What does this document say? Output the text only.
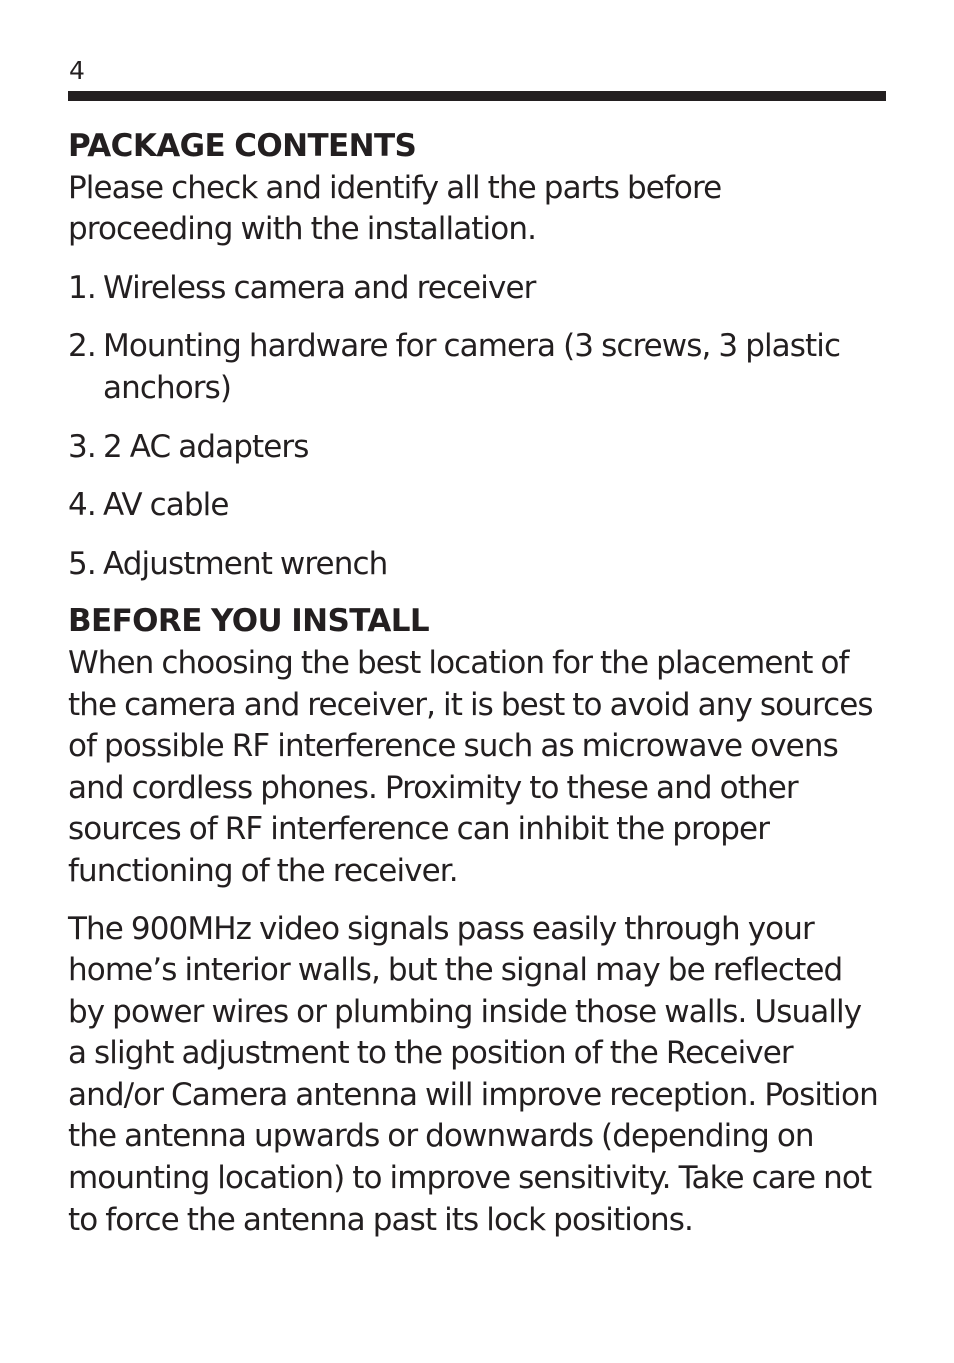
4
PACKAGE CONTENTS

Please check and identify all the parts before proceeding with the installation.

1. Wireless camera and receiver
2. Mounting hardware for camera (3 screws, 3 plastic anchors)
3. 2 AC adapters
4. AV cable
5. Adjustment wrench
BEFORE YOU INSTALL

When choosing the best location for the placement of the camera and receiver, it is best to avoid any sources of possible RF interference such as microwave ovens and cordless phones. Proximity to these and other sources of RF interference can inhibit the proper functioning of the receiver.

The 900MHz video signals pass easily through your home’s interior walls, but the signal may be reflected by power wires or plumbing inside those walls. Usually a slight adjustment to the position of the Receiver and/or Camera antenna will improve reception. Position the antenna upwards or downwards (depending on mounting location) to improve sensitivity. Take care not to force the antenna past its lock positions.
